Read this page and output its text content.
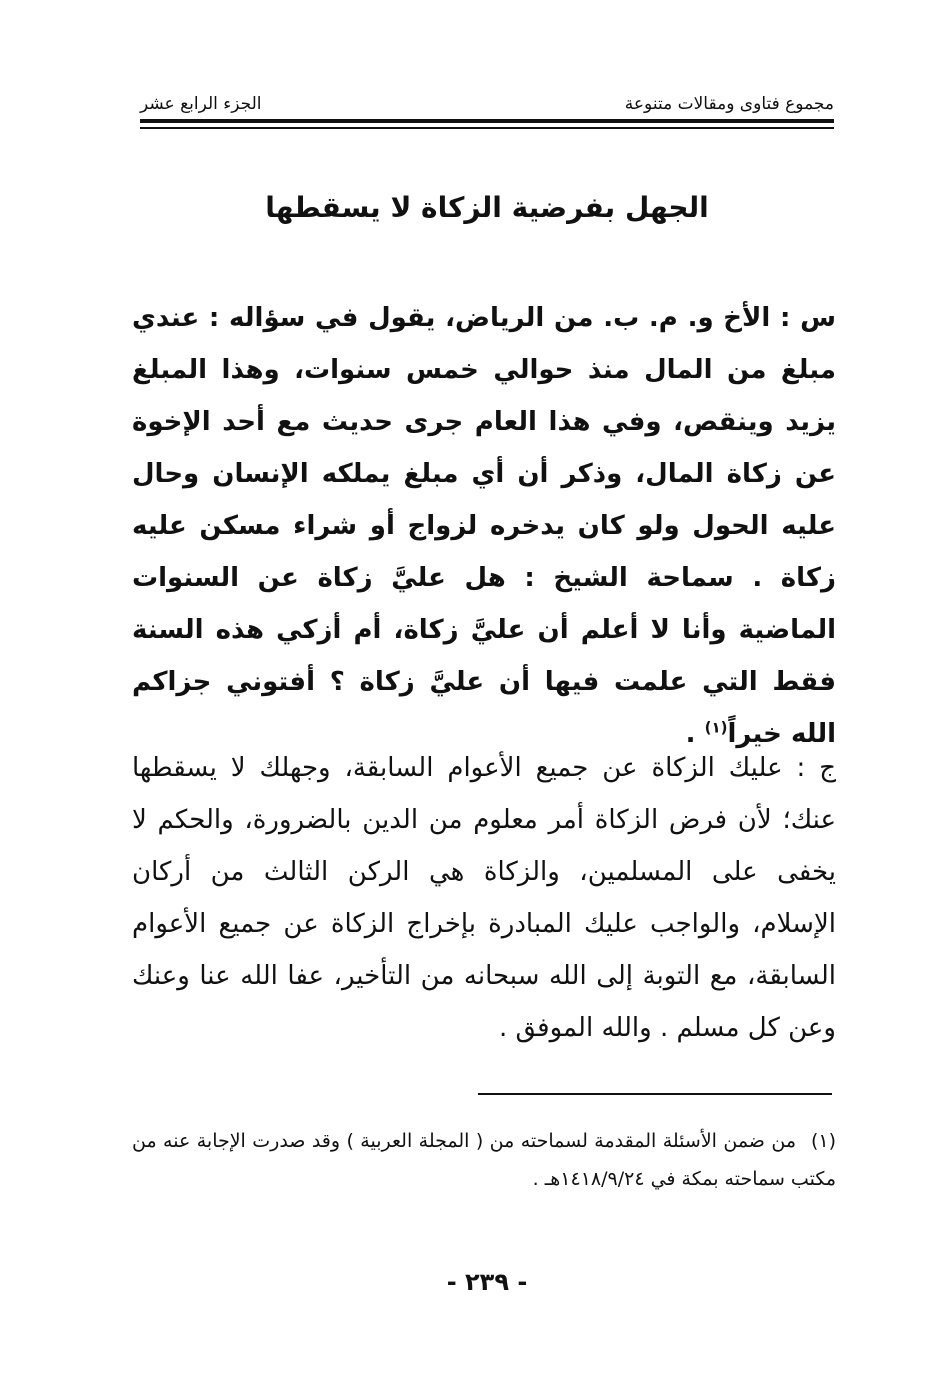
مجموع فتاوى ومقالات متنوعة
الجزء الرابع عشر
الجهل بفرضية الزكاة لا يسقطها

س : الأخ و. م. ب. من الرياض، يقول في سؤاله : عندي مبلغ من المال منذ حوالي خمس سنوات، وهذا المبلغ يزيد وينقص، وفي هذا العام جرى حديث مع أحد الإخوة عن زكاة المال، وذكر أن أي مبلغ يملكه الإنسان وحال عليه الحول ولو كان يدخره لزواج أو شراء مسكن عليه زكاة . سماحة الشيخ : هل عليَّ زكاة عن السنوات الماضية وأنا لا أعلم أن عليَّ زكاة، أم أزكي هذه السنة فقط التي علمت فيها أن عليَّ زكاة ؟ أفتوني جزاكم الله خيراً$^{(١)}$ .

ج : عليك الزكاة عن جميع الأعوام السابقة، وجهلك لا يسقطها عنك؛ لأن فرض الزكاة أمر معلوم من الدين بالضرورة، والحكم لا يخفى على المسلمين، والزكاة هي الركن الثالث من أركان الإسلام، والواجب عليك المبادرة بإخراج الزكاة عن جميع الأعوام السابقة، مع التوبة إلى الله سبحانه من التأخير، عفا الله عنا وعنك وعن كل مسلم . والله الموفق .

(١)من ضمن الأسئلة المقدمة لسماحته من ( المجلة العربية ) وقد صدرت الإجابة عنه من مكتب سماحته بمكة في ١٤١٨/٩/٢٤هـ .

- ٢٣٩ -
